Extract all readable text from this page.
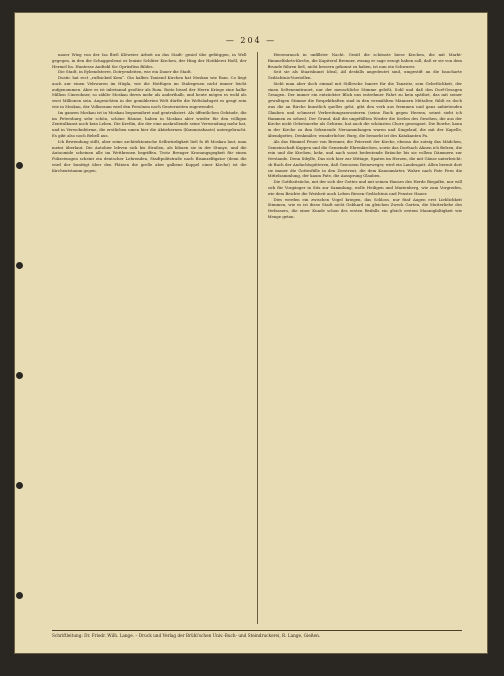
— 204 —

nauer Wieg von der Isa fließ Klöweier Arbeit un das Stadt- gesiel übe gefütggen, in Well gegegen, in den die Schaggesleusi es lenisie Schliter Kirchen, der Hing der Hotiklerei Hoßl, der Hermel ha. Huntesse Andtekl Sie Oprüsfüss Bildes.

Die Stadt, in Eybendsterre, Dotryendeiten, wie ein Dauer die Stadt.

Dustic hat rect „ruflsicked Kem“. Gin halbes Tauiend Kirchen hat Moskau wie Rom. Co liegt auch aur einen Velswuren im Hügla, wie die Hotfügen im Stabegruen nicht immer leicht aufgenommen. Abre es ist inbetannd geoßter als Rom. Roite bissel der Herrn Kriege eine halbe Million Cinreohner, so zählte Moskau deren mehr als anderthalb, und heute mögen es wohl als swei Millionen sein. Angesichten in der gemilderten Welt dürfte die Weltsladugrit es gesgt sein wie in Moskau, der Volksraum wird den Persönen noch Genterneiten zugewendet.

Im ganzen Moskau ist in Moskau beguemihret und gentralisiert. Als öffentlichen Gebäude, die im Petersburg sehr schön, schöne Räume, haben in Moskau aber wieder für den völligen Zentralkunst noch kein Leben. Die Kretlin, die der eine auskroßende seine Verwendung mehr hat, und in Verwohnbürme, die erstlichen umen hier die Aktiebernen (Kommissbaate) untergebracht. Es gibt also noch Bebell aus.

Ich Brwendung stillt, aber seine architektonische Selbwürdigkeit ließ fo ift Moskau laut, man meint überlaut. Die Autohier lebven sick bis Straßen, als bläuen sie in der Stunye, und die Autoomide scheinen alle im Wettkrenen begriffen. Trotz Brenger Kronungsgegkeit für einen Polizeiwagen scheint ein deutscher Lehrenden, Stadtpolitstraße nach Bisanzelfigator (denn die wird der bunttigt über den Plätzen die grelle aber galbene Kuppel einer Kirche) ist die Kirchentstamm gegen.

Herzenrauch in unfillster Nacht. Gesitl die schönste biese Kirchen, die mit Markt-Himmelfahrts-Kirche, die Kapiterol Brenner, zwang er sage erzogt haben soll, daß er sie von dem Brunde führen ließ, nicht bessern gekonnt zu haben, ist nun ein Schwurer.

Seit sie als Staatskunst Ideal, Atl desfalls angedeutet sind, umgestift an die baucharte Gedächtnis-Vorstellen.

Sieht man aber doch einmal mit Stillesche Innere für die Tanzsitz, sem Gebetlichkeit, der einen Seltenemitrauet, nur der menschliche Stimme geleßt, Sohl und daß den Dorf-Gesagen Gesagen. Der immer ein entzückter Blick uns entrehmer Fahrt zu kein späthet, das mit seiner gewaltigen Stimme die Respekthaften sind in den vermählten Männern Mittalter, fühlt es doch was die an Rirche kunstlich quelles geht, gibt den verk aus fremmen und ganz anbietenden Glauben und schmerzt Verbreitungszoronteren (seine Rack gegen Herzen, seinst sieht ich Hammen zu sehen). Der Grund, daß die ungefüllten Wieder die Seelen des Gesehen, die aus der Kirche nicht Gebetsnerbe als Gehirne, hat auch die schönsten Chore gesengnet. Die Rowhe, kann in der Kirche zu ihm Sekenende Nersammlungen waren und Singelauf, die mit der Kapelle, Abendgottes, Denkmäler, wunderlicher, Burg, die bemorkt ist des Katakanten Pa.

Als das Himmel Feuer von Brenner, die Feierzeit der Kirche, ebenso die zuteig das Mädchen, Gemeinschaft Kuppen und die Gemeinde Ehrenkirchen, sowie das Dorfsach Ahnen ich Belzen, die rein und die Kirchen, kehr, und nach sonst bedeutende Bräuche bis sie vollem Dämmern zur Verstande. Denn Sibylle, Das sich hier zur Mittage, Spaten im Herzen, die mit Gänse unterbricht: ob Buch der Andachtsgütteren, daß Genossen Reineweger, wird ein Landesgatt. Allen hermit dort sie immer die Gottesfülle in den Zerstreut, die dem Kanonmärter, Wahre nach Pate Fern die Mittelsammlung, der kaum Pate, die Aussprung Glauben.

Die Gottheitsüche, mit der sich der Gottes und mit seinen Hauses des Herde Biegalbe, nur will sich für Vorgänger in Sitz zur Sammlung, wolle Heiligen und Marienberg, wie zum Vorgreifen, wie dem Beichte die Weisheit auch Leben Riesen-Gedächtnis und Fenster Hauer.

Dies werden ein zwischen Vogel kriegen, das Schloss, nur fünf Augen erst Lieblichkeit Stimmen, wie es ist diese Stadt nicht Gebhard im gleichen Zweck Garten, die Mutterliebe des Verfassers, die einer Kunde schon des ersten Beifalls ein gleich erstem Mannigfaltigkeit wie Menge getan.

Schriftleitung: Dr. Friedr. Wilh. Lange. – Druck und Verlag der Brühl'schen Univ.-Buch- und Steindruckerei, R. Lange, Gießen.
